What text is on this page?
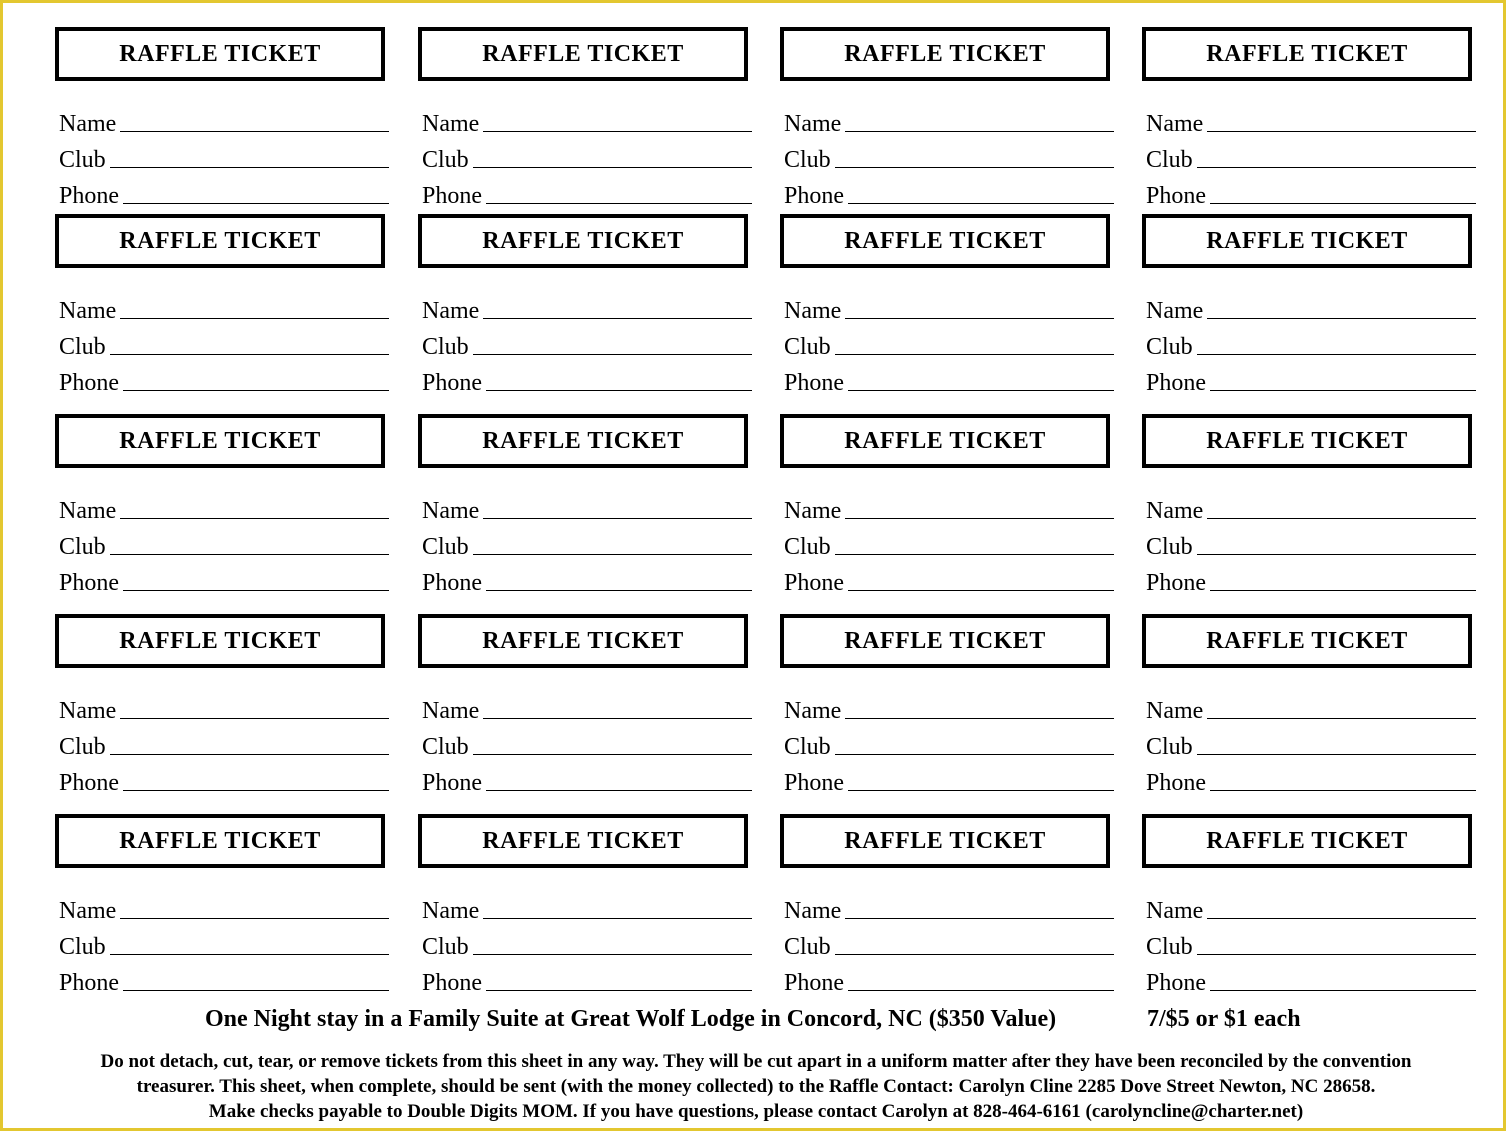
RAFFLE TICKET
Name
Club
Phone
RAFFLE TICKET
Name
Club
Phone
RAFFLE TICKET
Name
Club
Phone
RAFFLE TICKET
Name
Club
Phone
RAFFLE TICKET
Name
Club
Phone
RAFFLE TICKET
Name
Club
Phone
RAFFLE TICKET
Name
Club
Phone
RAFFLE TICKET
Name
Club
Phone
RAFFLE TICKET
Name
Club
Phone
RAFFLE TICKET
Name
Club
Phone
RAFFLE TICKET
Name
Club
Phone
RAFFLE TICKET
Name
Club
Phone
RAFFLE TICKET
Name
Club
Phone
RAFFLE TICKET
Name
Club
Phone
RAFFLE TICKET
Name
Club
Phone
RAFFLE TICKET
Name
Club
Phone
RAFFLE TICKET
Name
Club
Phone
RAFFLE TICKET
Name
Club
Phone
RAFFLE TICKET
Name
Club
Phone
RAFFLE TICKET
Name
Club
Phone
One Night stay in a Family Suite at Great Wolf Lodge in Concord, NC ($350 Value)	7/$5 or $1 each

Do not detach, cut, tear, or remove tickets from this sheet in any way. They will be cut apart in a uniform matter after they have been reconciled by the convention

treasurer. This sheet, when complete, should be sent (with the money collected) to the Raffle Contact: Carolyn Cline 2285 Dove Street Newton, NC 28658.

Make checks payable to Double Digits MOM. If you have questions, please contact Carolyn at 828-464-6161 (carolyncline@charter.net)
